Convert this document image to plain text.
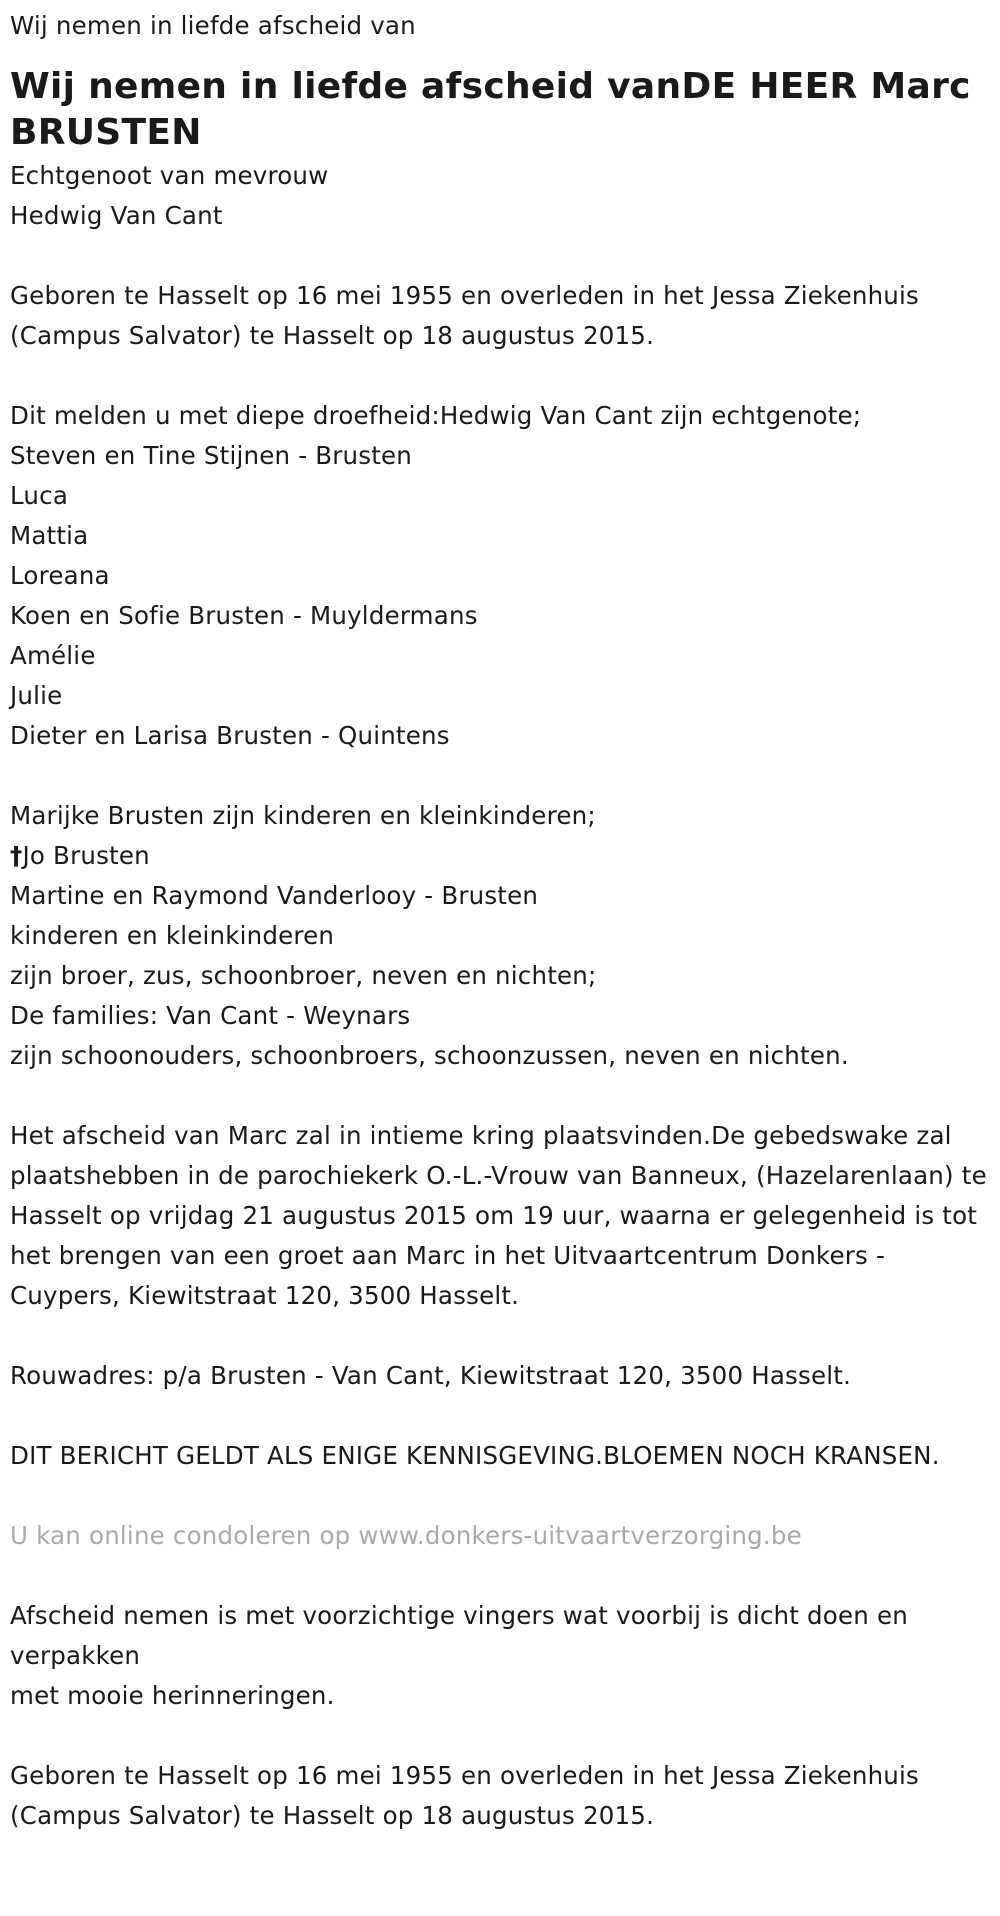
Wij nemen in liefde afscheid van

Wij nemen in liefde afscheid vanDE HEER Marc BRUSTEN
Echtgenoot van mevrouw
Hedwig Van Cant
Geboren te Hasselt op 16 mei 1955 en overleden in het Jessa Ziekenhuis (Campus Salvator) te Hasselt op 18 augustus 2015.
Dit melden u met diepe droefheid:Hedwig Van Cant zijn echtgenote;
Steven en Tine Stijnen - Brusten
Luca
Mattia
Loreana
Koen en Sofie Brusten - Muyldermans
Amélie
Julie
Dieter en Larisa Brusten - Quintens
Marijke Brusten zijn kinderen en kleinkinderen;
†Jo Brusten
Martine en Raymond Vanderlooy - Brusten
kinderen en kleinkinderen
zijn broer, zus, schoonbroer, neven en nichten;
De families: Van Cant - Weynars
zijn schoonouders, schoonbroers, schoonzussen, neven en nichten.
Het afscheid van Marc zal in intieme kring plaatsvinden.De gebedswake zal plaatshebben in de parochiekerk O.-L.-Vrouw van Banneux, (Hazelarenlaan) te Hasselt op vrijdag 21 augustus 2015 om 19 uur, waarna er gelegenheid is tot het brengen van een groet aan Marc in het Uitvaartcentrum Donkers - Cuypers, Kiewitstraat 120, 3500 Hasselt.
Rouwadres: p/a Brusten - Van Cant, Kiewitstraat 120, 3500 Hasselt.
DIT BERICHT GELDT ALS ENIGE KENNISGEVING.BLOEMEN NOCH KRANSEN.
U kan online condoleren op www.donkers-uitvaartverzorging.be
Afscheid nemen is met voorzichtige vingers wat voorbij is dicht doen en verpakken
met mooie herinneringen.
Geboren te Hasselt op 16 mei 1955 en overleden in het Jessa Ziekenhuis (Campus Salvator) te Hasselt op 18 augustus 2015.
